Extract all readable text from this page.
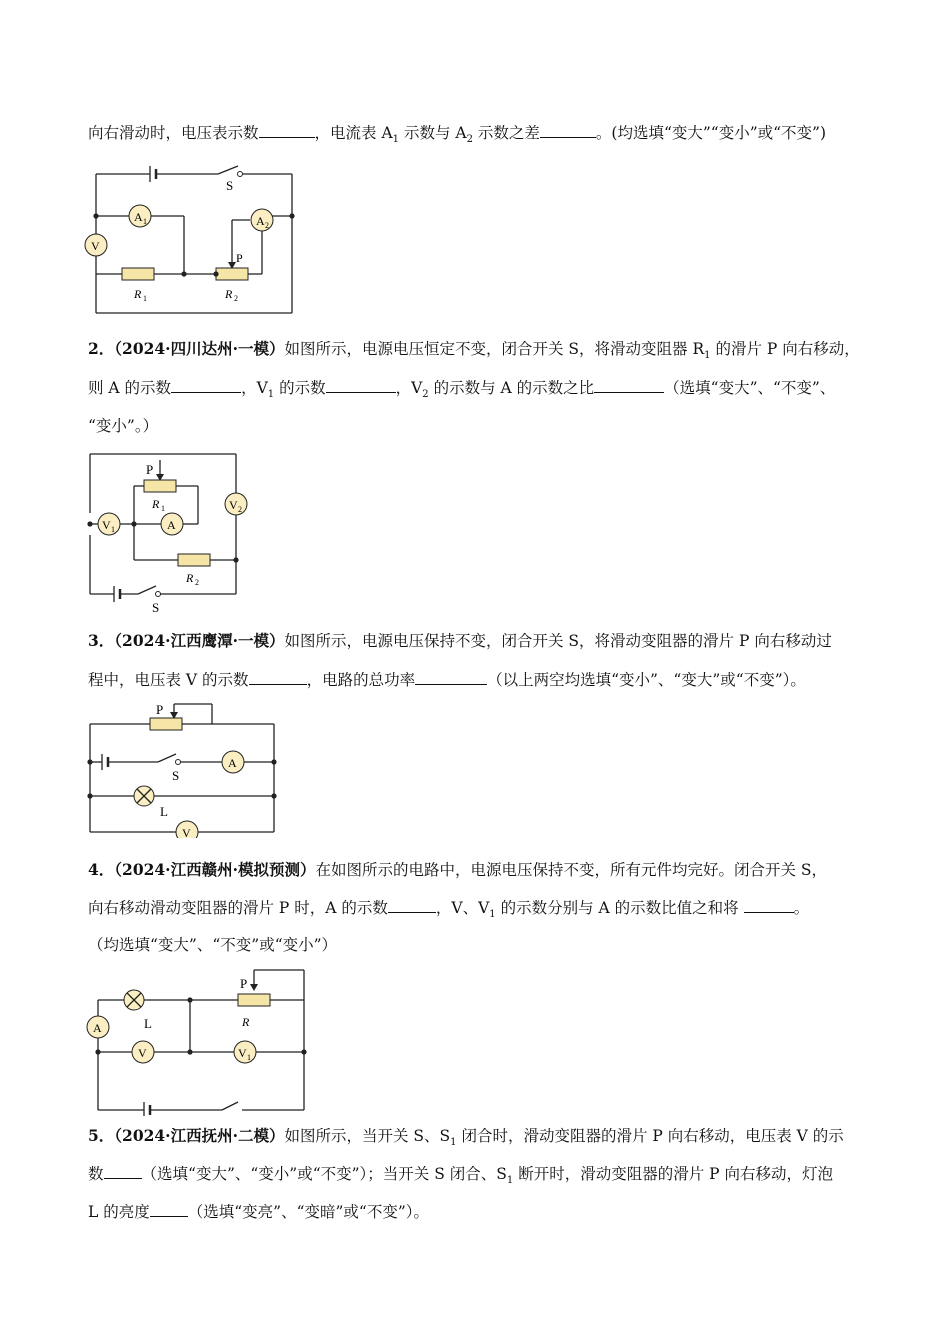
向右滑动时，电压表示数	，电流表 $A_1$ 示数与 $A_2$ 示数之差	。(均选填“变大”“变小”或“不变”)
S
A 1	A 2
V
P
R 1	R 2
2．（2024·四川达州·一模）如图所示，电源电压恒定不变，闭合开关 S，将滑动变阻器 $R_1$ 的滑片 P 向右移动，
则 A 的示数	，$V_1$ 的示数	，$V_2$ 的示数与 A 的示数之比	（选填“变大”、“不变”、
“变小”。）
P
R 1
A
V 1
V 2
R 2
S
3．（2024·江西鹰潭·一模）如图所示，电源电压保持不变，闭合开关 S，将滑动变阻器的滑片 P 向右移动过
程中，电压表 V 的示数	，电路的总功率	（以上两空均选填“变小”、“变大”或“不变”）。
P
S
A
L
V
4．（2024·江西赣州·模拟预测）在如图所示的电路中，电源电压保持不变，所有元件均完好。闭合开关 S，
向右移动滑动变阻器的滑片 P 时，A 的示数	，V、$V_1$ 的示数分别与 A 的示数比值之和将	。
（均选填“变大”、“不变”或“变小”）
P
R
A	L
V	V 1
5．（2024·江西抚州·二模）如图所示，当开关 S、$S_1$ 闭合时，滑动变阻器的滑片 P 向右移动，电压表 V 的示
数 （选填“变大”、“变小”或“不变”）；当开关 S 闭合、$S_1$ 断开时，滑动变阻器的滑片 P 向右移动，灯泡
L 的亮度 （选填“变亮”、“变暗”或“不变”）。
